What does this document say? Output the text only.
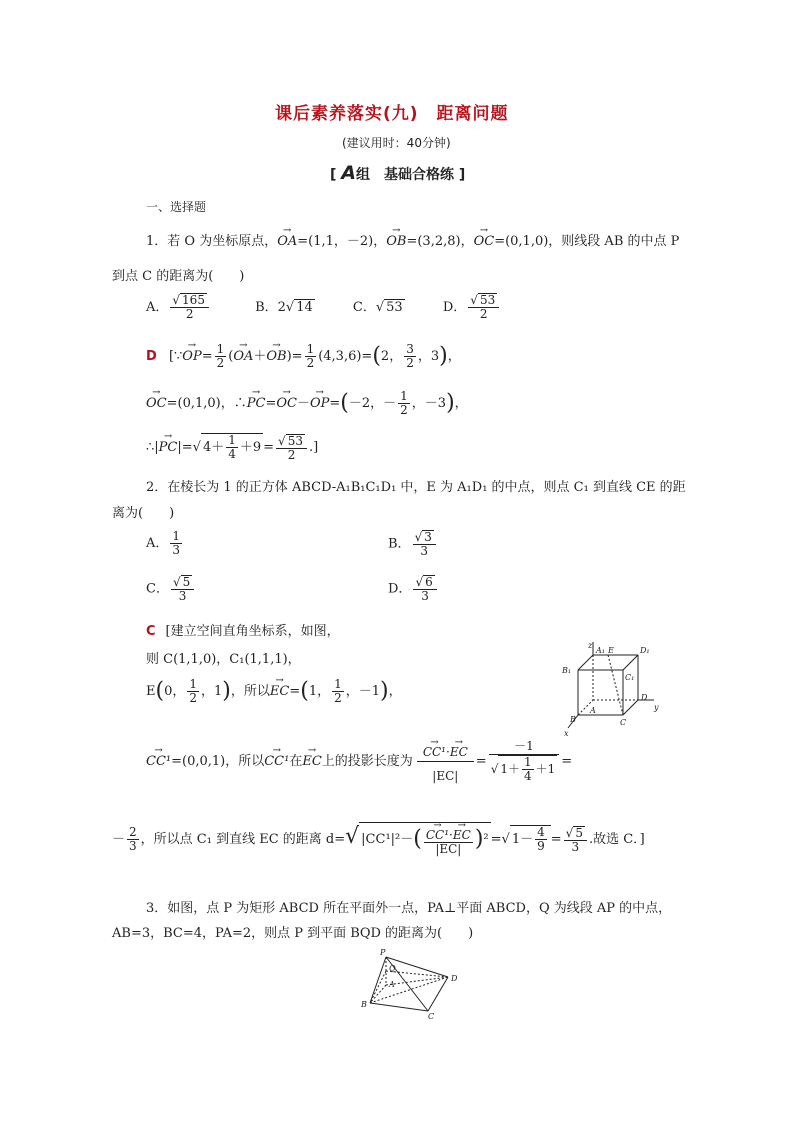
课后素养落实(九)　距离问题
(建议用时：40分钟)
[ A组　基础合格练 ]
一、选择题
1．若 O 为坐标原点，→ OA=(1,1，－2)，→ OB=(3,2,8)，→ OC=(0,1,0)，则线段 AB 的中点 P
到点 C 的距离为(　　)
A．
√ $\frac{165}{2}$	B．2√ 14	C．√ 53	D．
√ $\frac{53}{2}$
D [∵→ $OP= \frac{1}{2}$ (→ $OA+\to OB)= \frac{1}{2} (4,3,6)=(2$， $\frac{3}{2}$ ，3)，
→ OC=(0,1,0)，∴→ PC=→ OC－→ OP=(－2，－ $\frac{1}{2}$ ，－3)，
∴|→ PC|=√ $4+ \frac{1}{4} +9$ =
√ $\frac{53}{2}$ .]
2．在棱长为 1 的正方体 ABCD-A₁B₁C₁D₁ 中，E 为 A₁D₁ 的中点，则点 C₁ 到直线 CE 的距
离为(　　)
A． $\frac{1}{3}$	B．
√ $\frac{3}{3}$
C．
√ $\frac{5}{3}$	D．
√ $\frac{6}{3}$
C [建立空间直角坐标系，如图，
则 C(1,1,0)，C₁(1,1,1)，
E(0， $\frac{1}{2}$ ，1)，所以→ EC=(1， $\frac{1}{2}$ ，－1)，
→ CC¹=(0,0,1)，所以→ CC¹在→ EC上的投影长度为
→ $\frac{\text{CC¹·→ EC}}{|EC|} = -1$
√ $1+ \frac{1}{4} +1$ =
－ $\frac{2}{3}$ ，所以点 C₁ 到直线 EC 的距离 d=√ |CC¹|²－(
→ $\frac{\text{CC¹·→ EC}}{|EC|} )^2$ =√ $1- \frac{4}{9}$ =
√ $\frac{5}{3}$ .故选 C．]
z
A₁ E	D₁
B₁
C₁
D
y
A
B	C
x
3．如图，点 P 为矩形 ABCD 所在平面外一点，PA⊥平面 ABCD，Q 为线段 AP 的中点，
AB=3，BC=4，PA=2，则点 P 到平面 BQD 的距离为(　　)
P
Q
A
D
B
C
